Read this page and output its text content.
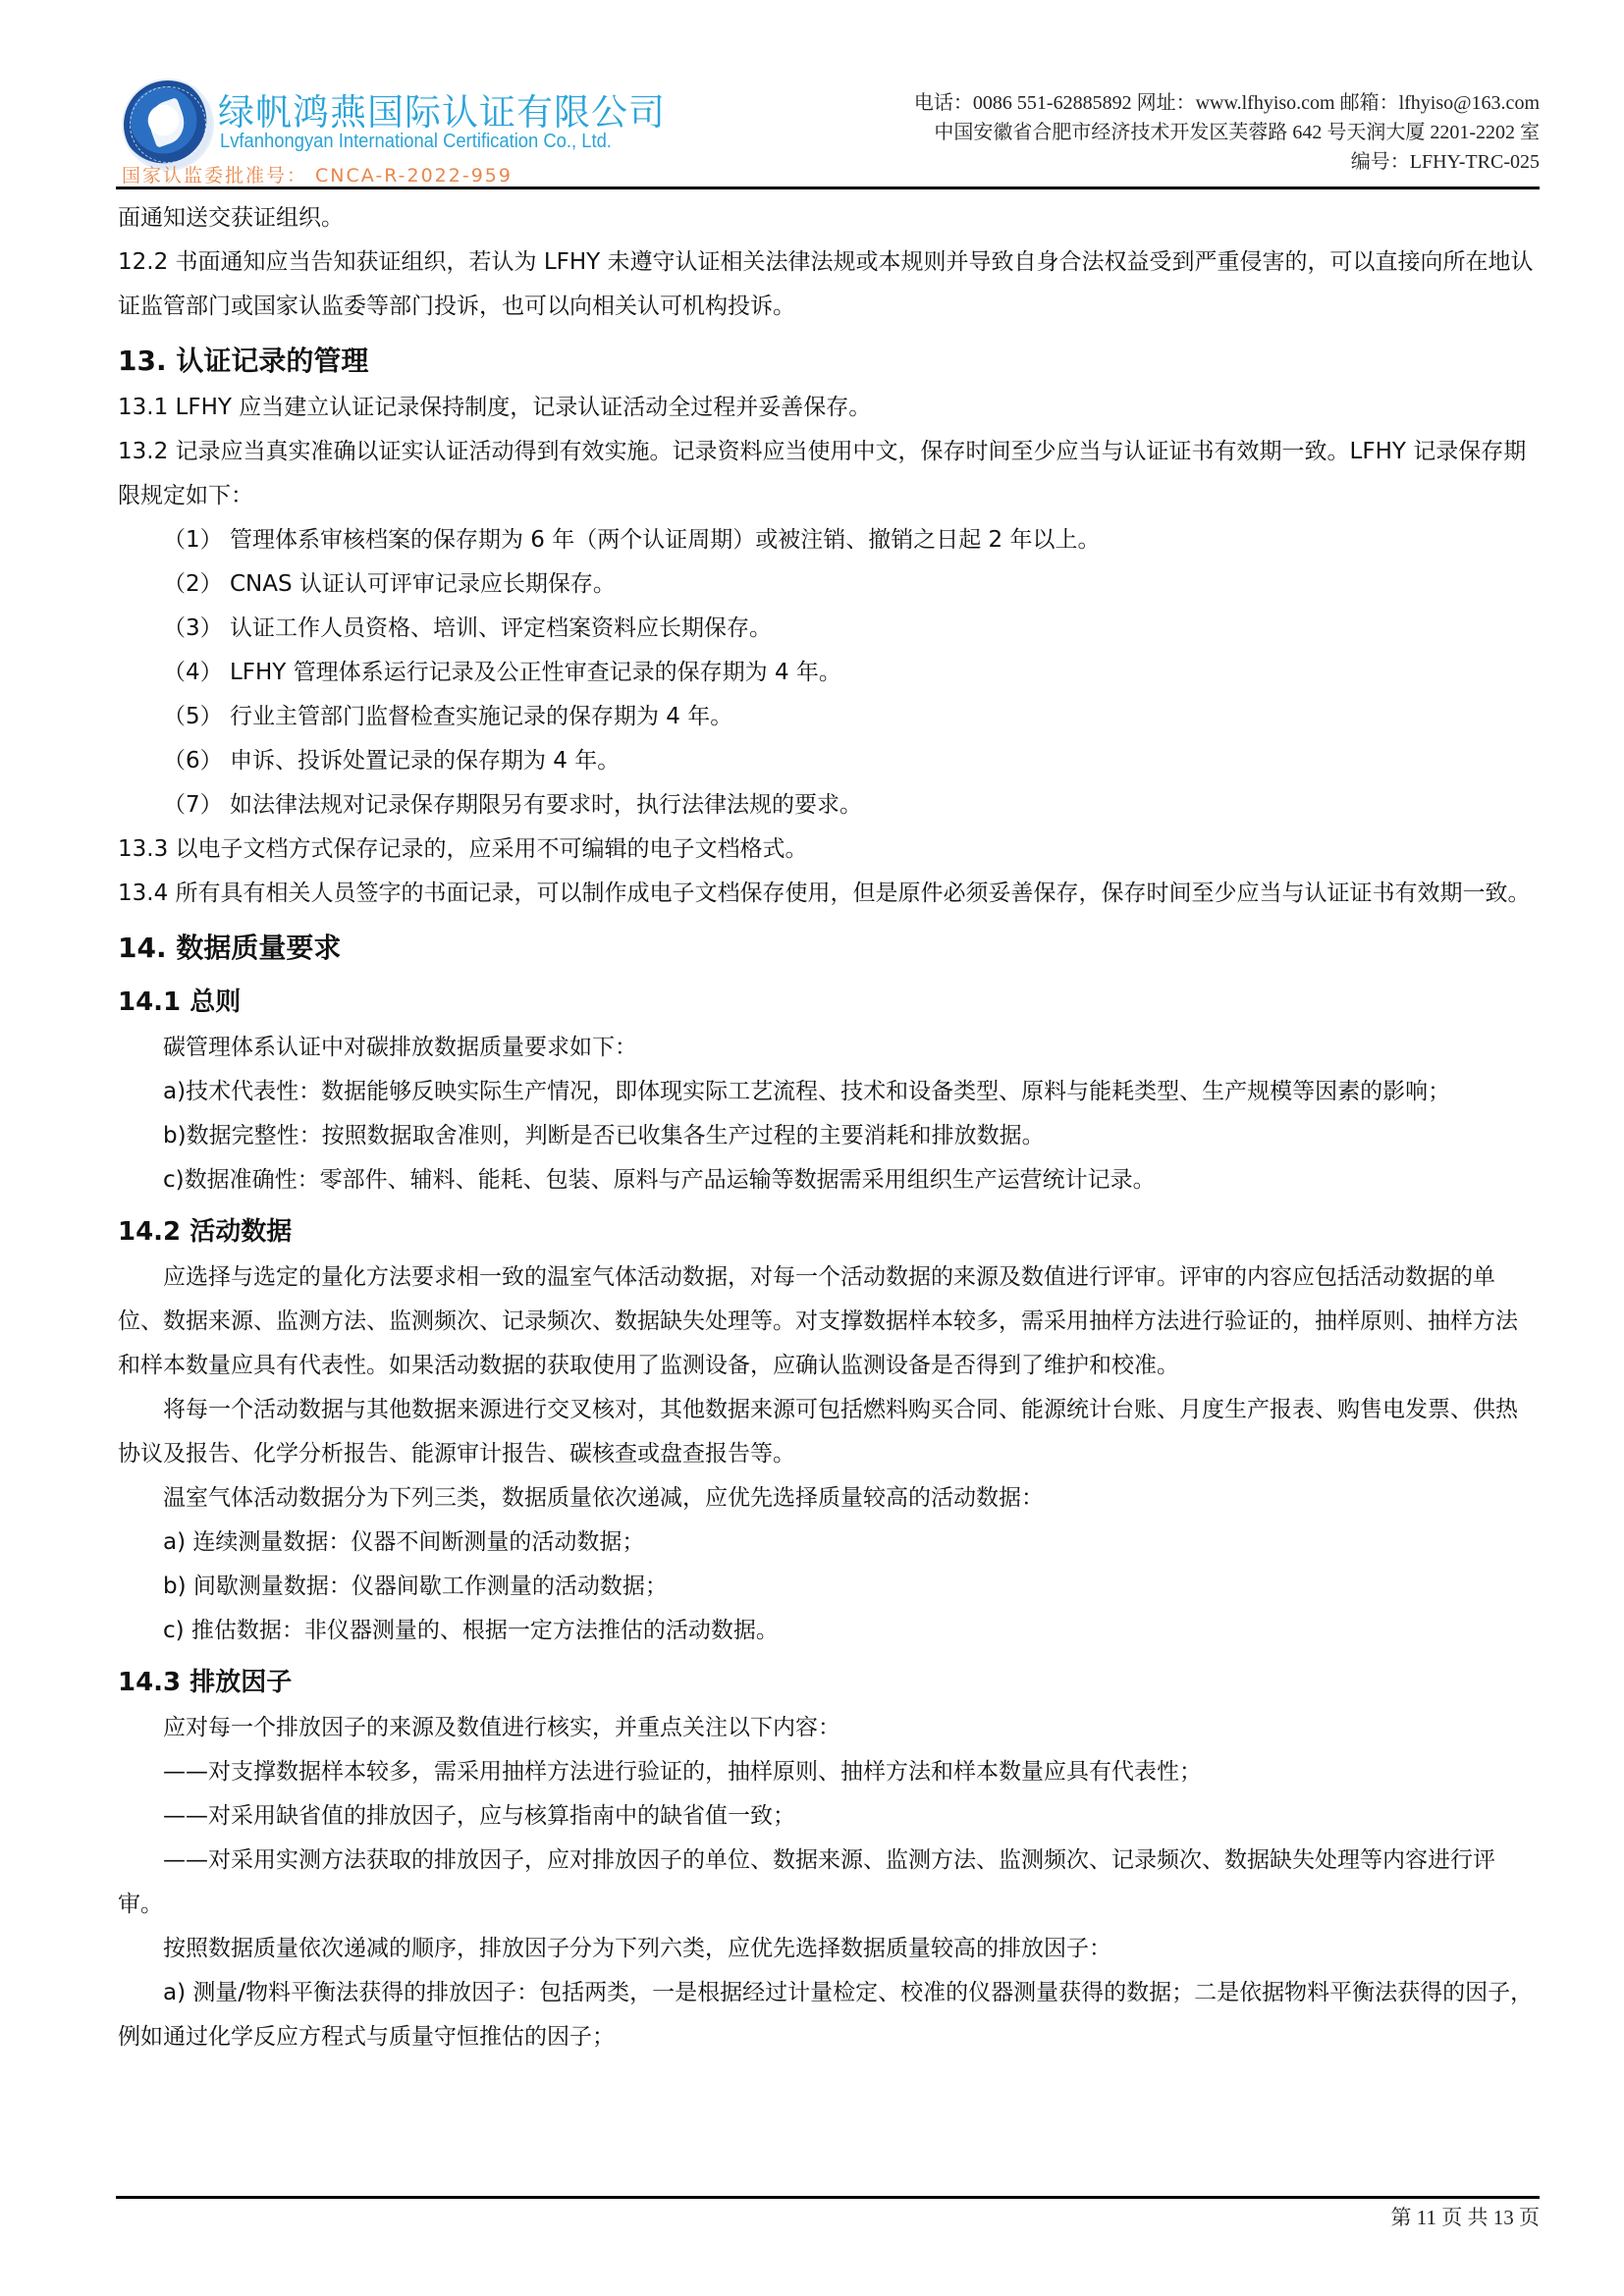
绿帆鸿燕国际认证有限公司
Lvfanhongyan International Certification Co., Ltd.
国家认监委批准号： CNCA-R-2022-959
电话：0086 551-62885892 网址：www.lfhyiso.com 邮箱：lfhyiso@163.com
中国安徽省合肥市经济技术开发区芙蓉路 642 号天润大厦 2201-2202 室
编号：LFHY-TRC-025

面通知送交获证组织。

12.2 书面通知应当告知获证组织，若认为 LFHY 未遵守认证相关法律法规或本规则并导致自身合法权益受到严重侵害的，可以直接向所在地认证监管部门或国家认监委等部门投诉，也可以向相关认可机构投诉。

13. 认证记录的管理

13.1 LFHY 应当建立认证记录保持制度，记录认证活动全过程并妥善保存。

13.2 记录应当真实准确以证实认证活动得到有效实施。记录资料应当使用中文，保存时间至少应当与认证证书有效期一致。LFHY 记录保存期限规定如下：

（1） 管理体系审核档案的保存期为 6 年（两个认证周期）或被注销、撤销之日起 2 年以上。

（2） CNAS 认证认可评审记录应长期保存。

（3） 认证工作人员资格、培训、评定档案资料应长期保存。

（4） LFHY 管理体系运行记录及公正性审查记录的保存期为 4 年。

（5） 行业主管部门监督检查实施记录的保存期为 4 年。

（6） 申诉、投诉处置记录的保存期为 4 年。

（7） 如法律法规对记录保存期限另有要求时，执行法律法规的要求。

13.3 以电子文档方式保存记录的，应采用不可编辑的电子文档格式。

13.4 所有具有相关人员签字的书面记录，可以制作成电子文档保存使用，但是原件必须妥善保存，保存时间至少应当与认证证书有效期一致。

14. 数据质量要求

14.1 总则

碳管理体系认证中对碳排放数据质量要求如下：

a)技术代表性：数据能够反映实际生产情况，即体现实际工艺流程、技术和设备类型、原料与能耗类型、生产规模等因素的影响；

b)数据完整性：按照数据取舍准则，判断是否已收集各生产过程的主要消耗和排放数据。

c)数据准确性：零部件、辅料、能耗、包装、原料与产品运输等数据需采用组织生产运营统计记录。

14.2 活动数据

应选择与选定的量化方法要求相一致的温室气体活动数据，对每一个活动数据的来源及数值进行评审。评审的内容应包括活动数据的单位、数据来源、监测方法、监测频次、记录频次、数据缺失处理等。对支撑数据样本较多，需采用抽样方法进行验证的，抽样原则、抽样方法和样本数量应具有代表性。如果活动数据的获取使用了监测设备，应确认监测设备是否得到了维护和校准。

将每一个活动数据与其他数据来源进行交叉核对，其他数据来源可包括燃料购买合同、能源统计台账、月度生产报表、购售电发票、供热协议及报告、化学分析报告、能源审计报告、碳核查或盘查报告等。

温室气体活动数据分为下列三类，数据质量依次递减，应优先选择质量较高的活动数据：

a) 连续测量数据：仪器不间断测量的活动数据；

b) 间歇测量数据：仪器间歇工作测量的活动数据；

c) 推估数据：非仪器测量的、根据一定方法推估的活动数据。

14.3 排放因子

应对每一个排放因子的来源及数值进行核实，并重点关注以下内容：

——对支撑数据样本较多，需采用抽样方法进行验证的，抽样原则、抽样方法和样本数量应具有代表性；

——对采用缺省值的排放因子，应与核算指南中的缺省值一致；

——对采用实测方法获取的排放因子，应对排放因子的单位、数据来源、监测方法、监测频次、记录频次、数据缺失处理等内容进行评审。

按照数据质量依次递减的顺序，排放因子分为下列六类，应优先选择数据质量较高的排放因子：

a) 测量/物料平衡法获得的排放因子：包括两类，一是根据经过计量检定、校准的仪器测量获得的数据；二是依据物料平衡法获得的因子，例如通过化学反应方程式与质量守恒推估的因子；

第 11 页 共 13 页
